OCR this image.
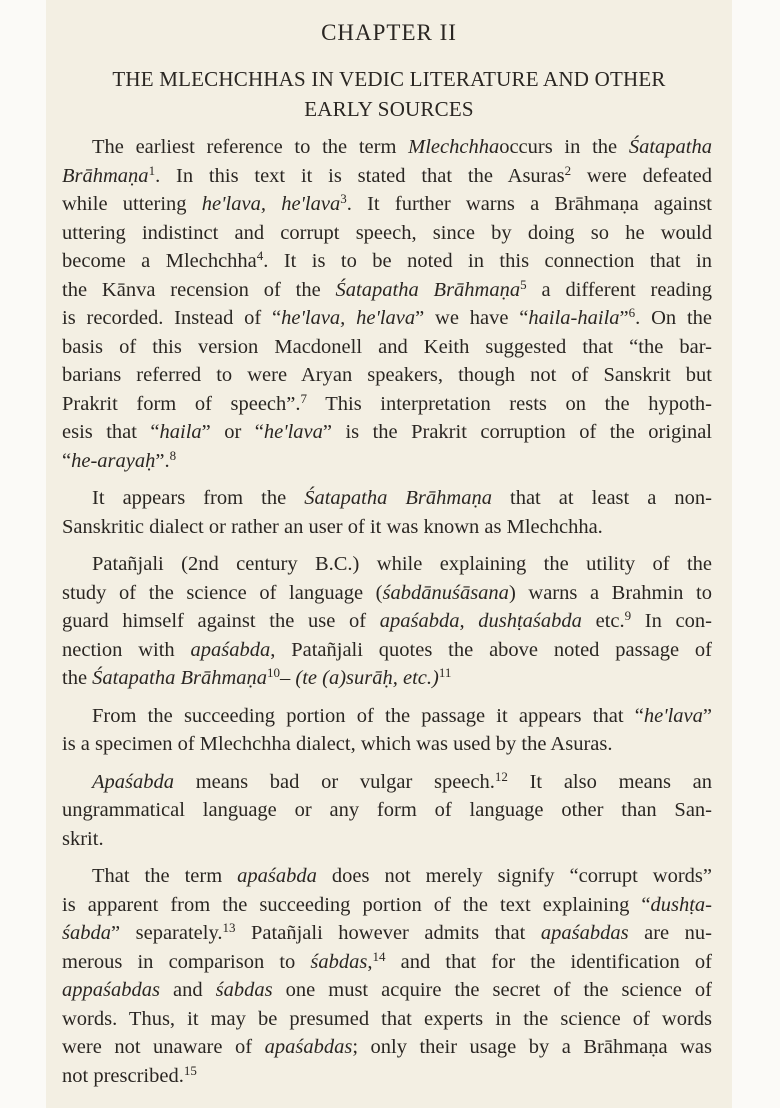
CHAPTER II
THE MLECHCHHAS IN VEDIC LITERATURE AND OTHER
EARLY SOURCES
The earliest reference to the term Mlechchhaoccurs in the Śatapatha
Brāhmaṇa$^1$. In this text it is stated that the Asuras$^2$ were defeated
while uttering he'lava, he'lava$^3$. It further warns a Brāhmaṇa against
uttering indistinct and corrupt speech, since by doing so he would
become a Mlechchha$^4$. It is to be noted in this connection that in
the Kānva recension of the Śatapatha Brāhmaṇa$^5$ a different reading
is recorded. Instead of “he'lava, he'lava” we have “haila-haila”$^6$. On the
basis of this version Macdonell and Keith suggested that “the bar-
barians referred to were Aryan speakers, though not of Sanskrit but
Prakrit form of speech”.$^7$ This interpretation rests on the hypoth-
esis that “haila” or “he'lava” is the Prakrit corruption of the original
“he-arayaḥ”.$^8$
It appears from the Śatapatha Brāhmaṇa that at least a non-
Sanskritic dialect or rather an user of it was known as Mlechchha.
Patañjali (2nd century B.C.) while explaining the utility of the
study of the science of language (śabdānuśāsana) warns a Brahmin to
guard himself against the use of apaśabda, dushṭaśabda etc.$^9$ In con-
nection with apaśabda, Patañjali quotes the above noted passage of
the Śatapatha Brāhmaṇa$^{10}$– (te (a)surāḥ, etc.)$^{11}$
From the succeeding portion of the passage it appears that “he'lava”
is a specimen of Mlechchha dialect, which was used by the Asuras.
Apaśabda means bad or vulgar speech.$^{12}$ It also means an
ungrammatical language or any form of language other than San-
skrit.
That the term apaśabda does not merely signify “corrupt words”
is apparent from the succeeding portion of the text explaining “dushṭa-
śabda” separately.$^{13}$ Patañjali however admits that apaśabdas are nu-
merous in comparison to śabdas,$^{14}$ and that for the identification of
appaśabdas and śabdas one must acquire the secret of the science of
words. Thus, it may be presumed that experts in the science of words
were not unaware of apaśabdas; only their usage by a Brāhmaṇa was
not prescribed.$^{15}$
